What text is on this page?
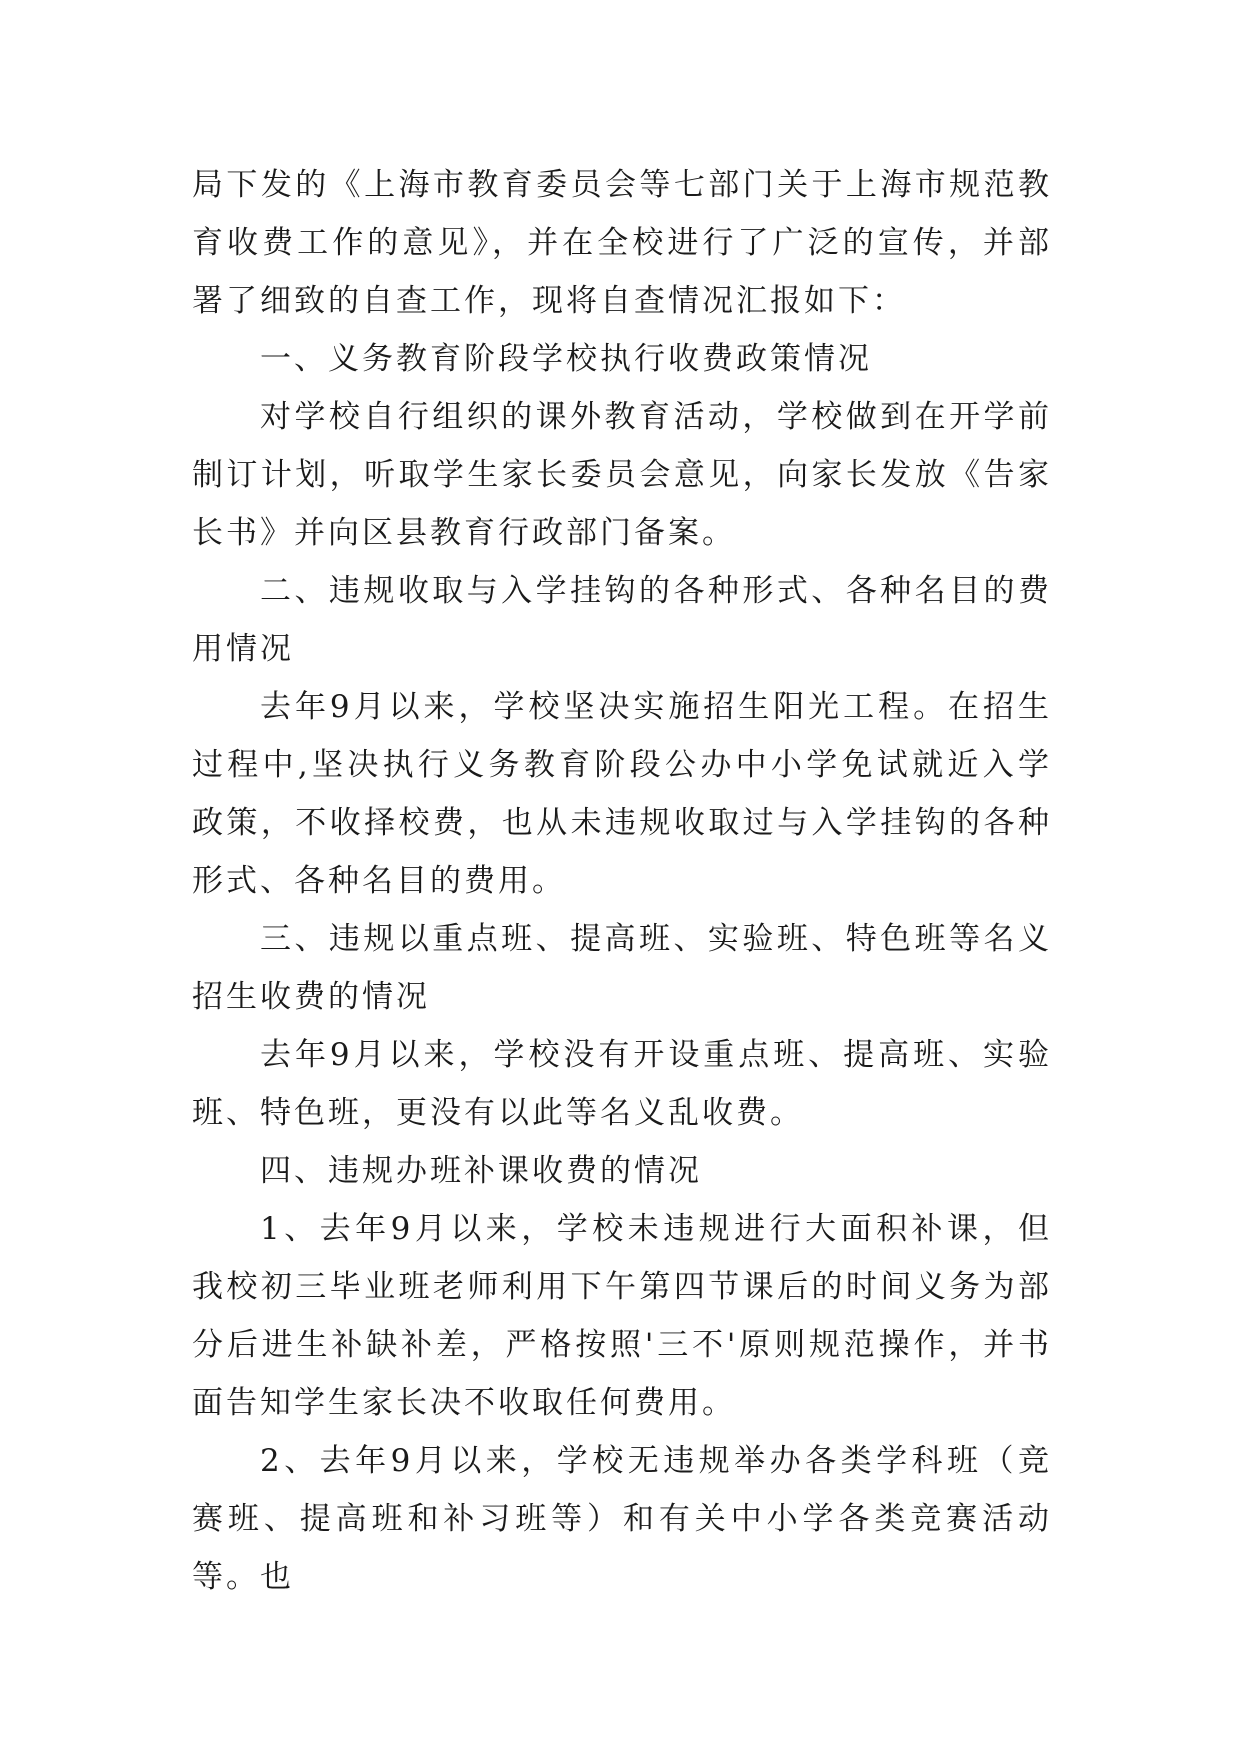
局下发的《上海市教育委员会等七部门关于上海市规范教育收费工作的意见》，并在全校进行了广泛的宣传，并部署了细致的自查工作，现将自查情况汇报如下：

一、义务教育阶段学校执行收费政策情况

对学校自行组织的课外教育活动，学校做到在开学前制订计划，听取学生家长委员会意见，向家长发放《告家长书》并向区县教育行政部门备案。

二、违规收取与入学挂钩的各种形式、各种名目的费用情况

去年9月以来，学校坚决实施招生阳光工程。在招生过程中,坚决执行义务教育阶段公办中小学免试就近入学政策，不收择校费，也从未违规收取过与入学挂钩的各种形式、各种名目的费用。

三、违规以重点班、提高班、实验班、特色班等名义招生收费的情况

去年9月以来，学校没有开设重点班、提高班、实验班、特色班，更没有以此等名义乱收费。

四、违规办班补课收费的情况

1、去年9月以来，学校未违规进行大面积补课，但我校初三毕业班老师利用下午第四节课后的时间义务为部分后进生补缺补差，严格按照'三不'原则规范操作，并书面告知学生家长决不收取任何费用。

2、去年9月以来，学校无违规举办各类学科班（竞赛班、提高班和补习班等）和有关中小学各类竞赛活动等。也
